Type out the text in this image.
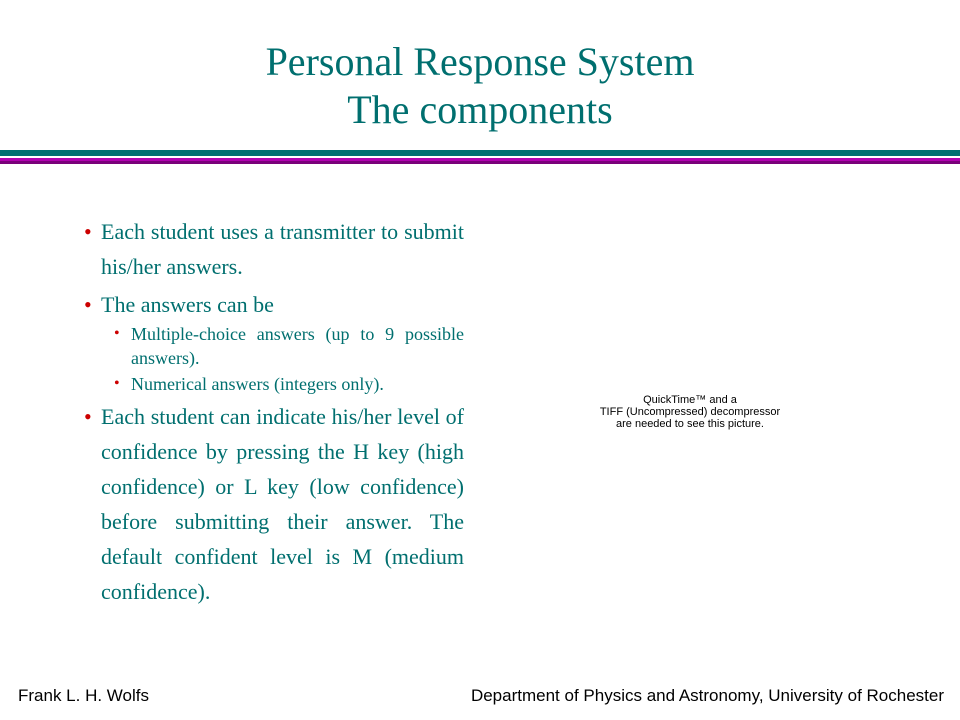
Personal Response System
The components
• Each student uses a transmitter to submit his/her answers.
• The answers can be
• Multiple-choice answers (up to 9 possible answers).
• Numerical answers (integers only).
• Each student can indicate his/her level of confidence by pressing the H key (high confidence) or L key (low confidence) before submitting their answer. The default confident level is M (medium confidence).
QuickTime™ and a
TIFF (Uncompressed) decompressor
are needed to see this picture.
Frank L. H. Wolfs	Department of Physics and Astronomy, University of Rochester
